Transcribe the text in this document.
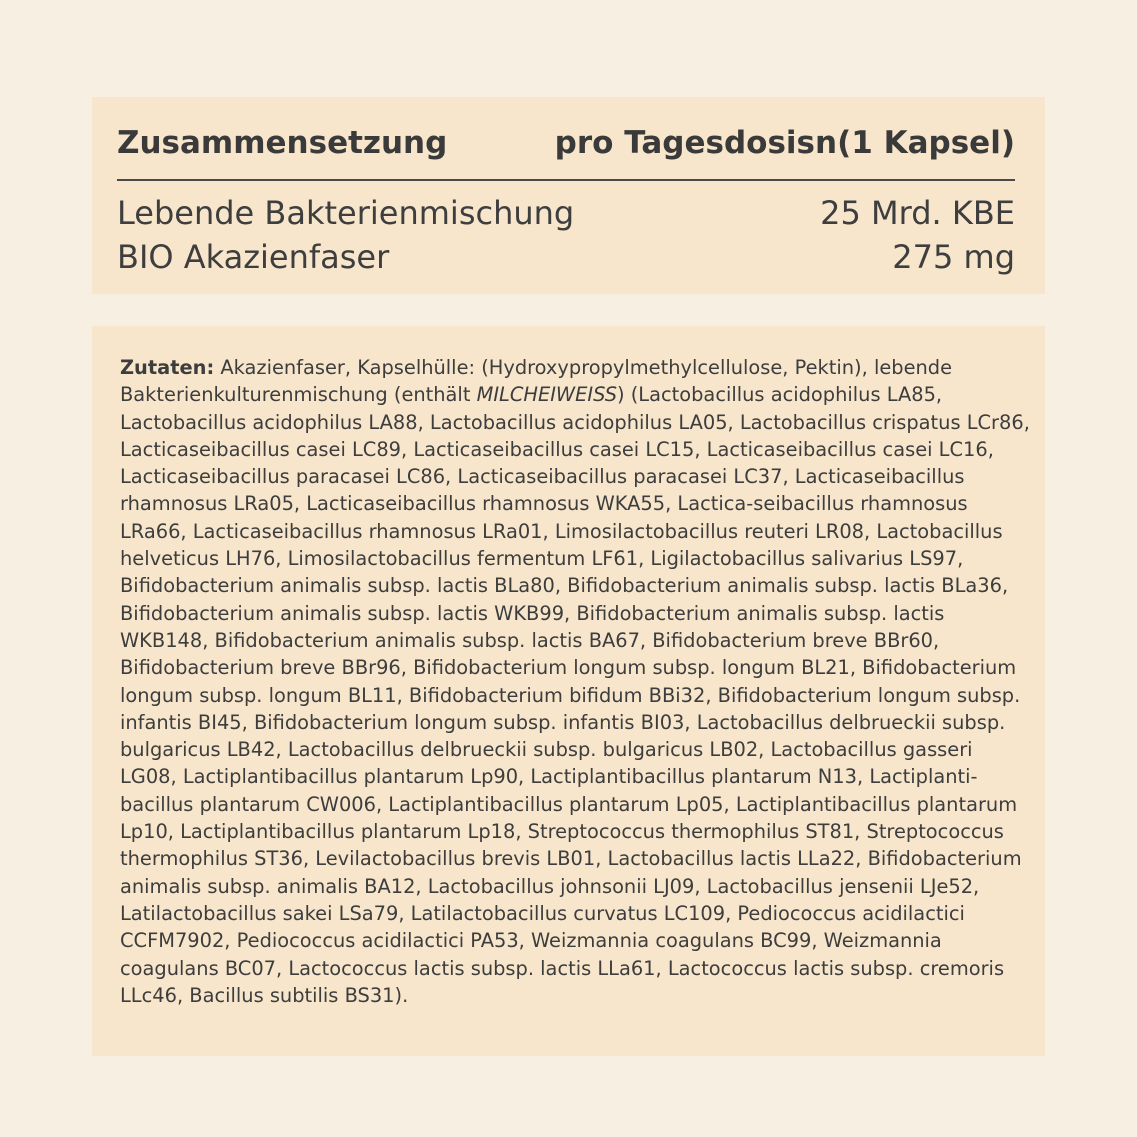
Zusammensetzung	pro Tagesdosisn(1 Kapsel)
Lebende Bakterienmischung	25 Mrd. KBE
BIO Akazienfaser	275 mg

Zutaten: Akazienfaser, Kapselhülle: (Hydroxypropylmethylcellulose, Pektin), lebende Bakterienkulturenmischung (enthält MILCHEIWEISS) (Lactobacillus acidophilus LA85, Lactobacillus acidophilus LA88, Lactobacillus acidophilus LA05, Lactobacillus crispatus LCr86, Lacticaseibacillus casei LC89, Lacticaseibacillus casei LC15, Lacticaseibacillus casei LC16, Lacticaseibacillus paracasei LC86, Lacticaseibacillus paracasei LC37, Lacticaseibacillus rhamnosus LRa05, Lacticaseibacillus rhamnosus WKA55, Lactica-seibacillus rhamnosus LRa66, Lacticaseibacillus rhamnosus LRa01, Limosilactobacillus reuteri LR08, Lactobacillus helveticus LH76, Limosilactobacillus fermentum LF61, Ligilactobacillus salivarius LS97, Bifidobacterium animalis subsp. lactis BLa80, Bifidobacterium animalis subsp. lactis BLa36, Bifidobacterium animalis subsp. lactis WKB99, Bifidobacterium animalis subsp. lactis WKB148, Bifidobacterium animalis subsp. lactis BA67, Bifidobacterium breve BBr60, Bifidobacterium breve BBr96, Bifidobacterium longum subsp. longum BL21, Bifidobacterium longum subsp. longum BL11, Bifidobacterium bifidum BBi32, Bifidobacterium longum subsp. infantis BI45, Bifidobacterium longum subsp. infantis BI03, Lactobacillus delbrueckii subsp. bulgaricus LB42, Lactobacillus delbrueckii subsp. bulgaricus LB02, Lactobacillus gasseri LG08, Lactiplantibacillus plantarum Lp90, Lactiplantibacillus plantarum N13, Lactiplanti-bacillus plantarum CW006, Lactiplantibacillus plantarum Lp05, Lactiplantibacillus plantarum Lp10, Lactiplantibacillus plantarum Lp18, Streptococcus thermophilus ST81, Streptococcus thermophilus ST36, Levilactobacillus brevis LB01, Lactobacillus lactis LLa22, Bifidobacterium animalis subsp. animalis BA12, Lactobacillus johnsonii LJ09, Lactobacillus jensenii LJe52, Latilactobacillus sakei LSa79, Latilactobacillus curvatus LC109, Pediococcus acidilactici CCFM7902, Pediococcus acidilactici PA53, Weizmannia coagulans BC99, Weizmannia coagulans BC07, Lactococcus lactis subsp. lactis LLa61, Lactococcus lactis subsp. cremoris LLc46, Bacillus subtilis BS31).
